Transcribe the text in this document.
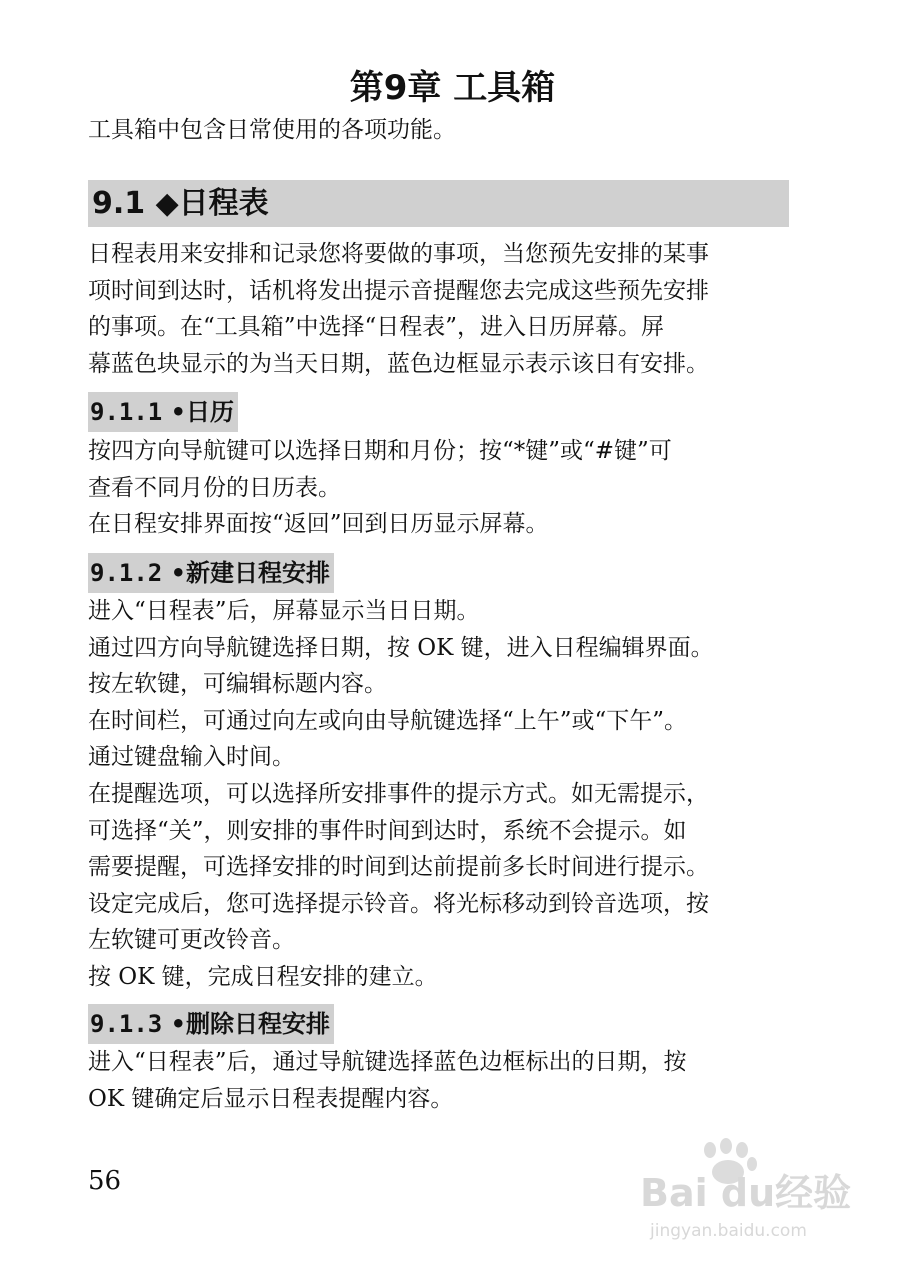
第9章 工具箱

工具箱中包含日常使用的各项功能。

9.1 ◆日程表
日程表用来安排和记录您将要做的事项，当您预先安排的某事
项时间到达时，话机将发出提示音提醒您去完成这些预先安排
的事项。在“工具箱”中选择“日程表”，进入日历屏幕。屏
幕蓝色块显示的为当天日期，蓝色边框显示表示该日有安排。
9.1.1 •日历
按四方向导航键可以选择日期和月份；按“*键”或“#键”可
查看不同月份的日历表。
在日程安排界面按“返回”回到日历显示屏幕。
9.1.2 •新建日程安排
进入“日程表”后，屏幕显示当日日期。
通过四方向导航键选择日期，按 OK 键，进入日程编辑界面。
按左软键，可编辑标题内容。
在时间栏，可通过向左或向由导航键选择“上午”或“下午”。
通过键盘输入时间。
在提醒选项，可以选择所安排事件的提示方式。如无需提示，
可选择“关”，则安排的事件时间到达时，系统不会提示。如
需要提醒，可选择安排的时间到达前提前多长时间进行提示。
设定完成后，您可选择提示铃音。将光标移动到铃音选项，按
左软键可更改铃音。
按 OK 键，完成日程安排的建立。
9.1.3 •删除日程安排
进入“日程表”后，通过导航键选择蓝色边框标出的日期，按
OK 键确定后显示日程表提醒内容。

56	Bai du经验
jingyan.baidu.com
